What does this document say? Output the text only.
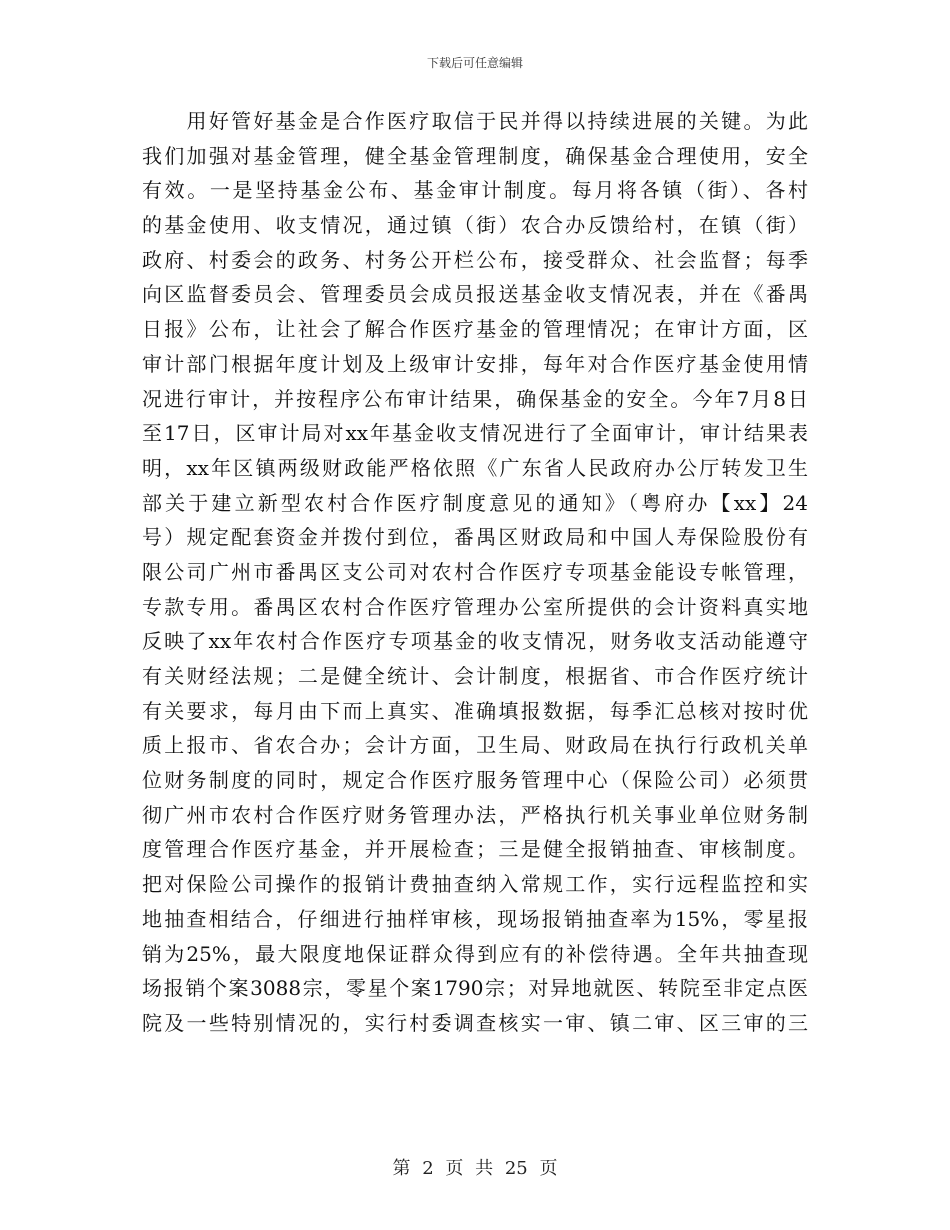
下载后可任意编辑
　　用好管好基金是合作医疗取信于民并得以持续进展的关键。为此
我们加强对基金管理，健全基金管理制度，确保基金合理使用，安全
有效。一是坚持基金公布、基金审计制度。每月将各镇（街）、各村
的基金使用、收支情况，通过镇（街）农合办反馈给村，在镇（街）
政府、村委会的政务、村务公开栏公布，接受群众、社会监督；每季
向区监督委员会、管理委员会成员报送基金收支情况表，并在《番禺
日报》公布，让社会了解合作医疗基金的管理情况；在审计方面，区
审计部门根据年度计划及上级审计安排，每年对合作医疗基金使用情
况进行审计，并按程序公布审计结果，确保基金的安全。今年7月8日
至17日，区审计局对xx年基金收支情况进行了全面审计，审计结果表
明，xx年区镇两级财政能严格依照《广东省人民政府办公厅转发卫生
部关于建立新型农村合作医疗制度意见的通知》（粤府办【xx】24
号）规定配套资金并拨付到位，番禺区财政局和中国人寿保险股份有
限公司广州市番禺区支公司对农村合作医疗专项基金能设专帐管理，
专款专用。番禺区农村合作医疗管理办公室所提供的会计资料真实地
反映了xx年农村合作医疗专项基金的收支情况，财务收支活动能遵守
有关财经法规；二是健全统计、会计制度，根据省、市合作医疗统计
有关要求，每月由下而上真实、准确填报数据，每季汇总核对按时优
质上报市、省农合办；会计方面，卫生局、财政局在执行行政机关单
位财务制度的同时，规定合作医疗服务管理中心（保险公司）必须贯
彻广州市农村合作医疗财务管理办法，严格执行机关事业单位财务制
度管理合作医疗基金，并开展检查；三是健全报销抽查、审核制度。
把对保险公司操作的报销计费抽查纳入常规工作，实行远程监控和实
地抽查相结合，仔细进行抽样审核，现场报销抽查率为15%，零星报
销为25%，最大限度地保证群众得到应有的补偿待遇。全年共抽查现
场报销个案3088宗，零星个案1790宗；对异地就医、转院至非定点医
院及一些特别情况的，实行村委调查核实一审、镇二审、区三审的三
第 2 页 共 25 页
